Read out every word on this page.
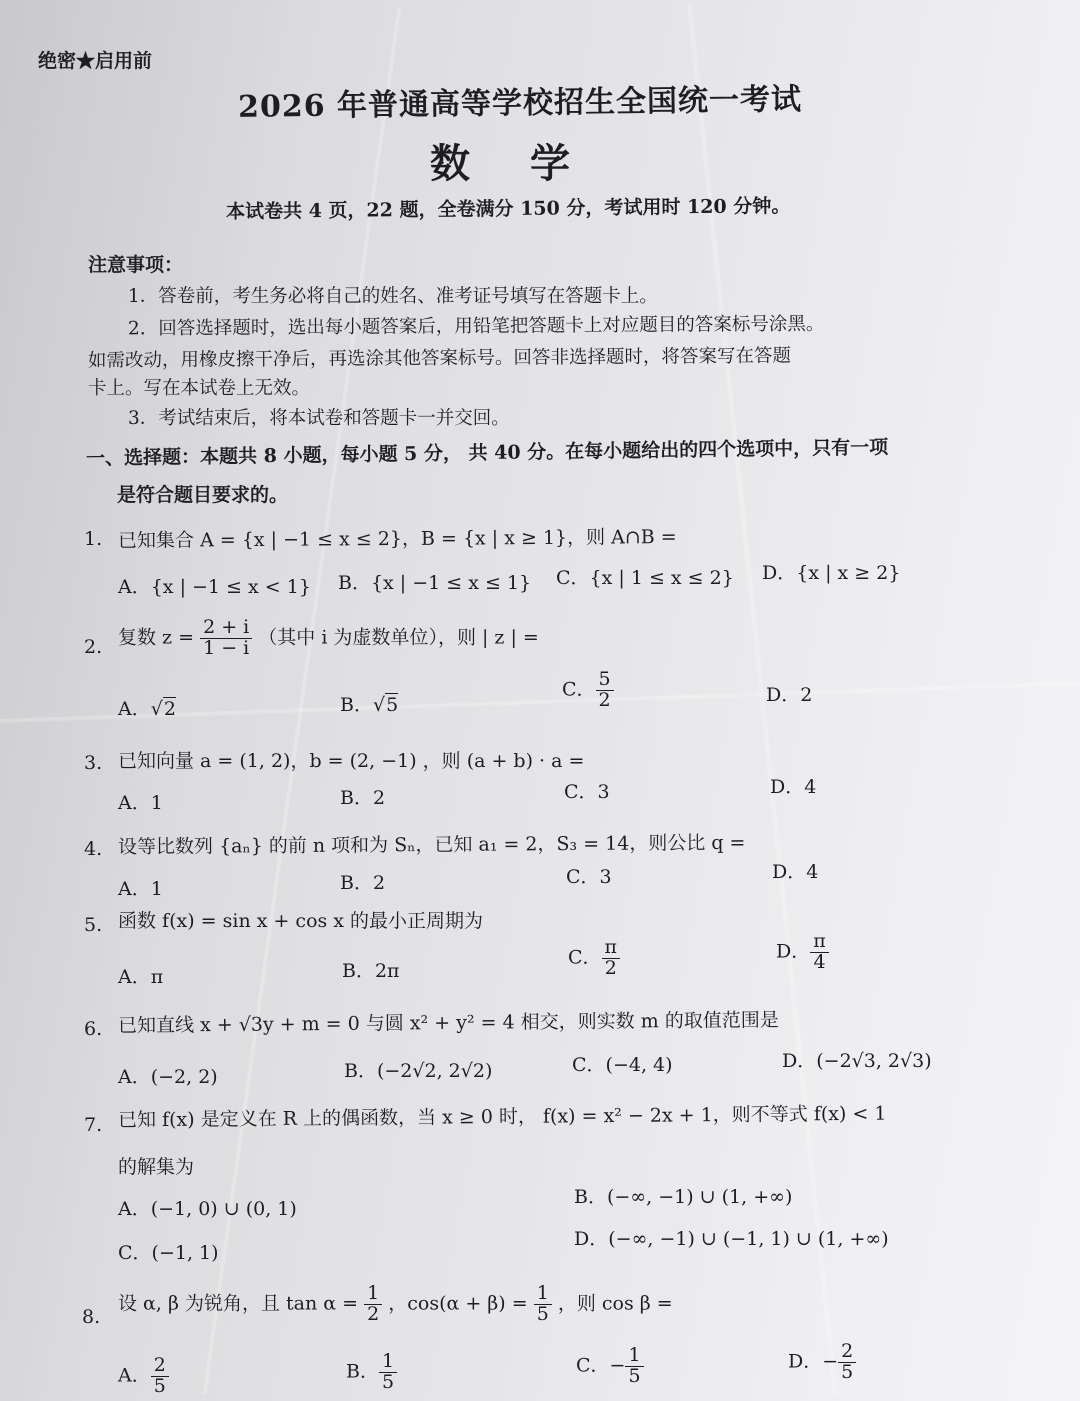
绝密★启用前
2026 年普通高等学校招生全国统一考试
数学
本试卷共 4 页，22 题，全卷满分 150 分，考试用时 120 分钟。
注意事项：
1．答卷前，考生务必将自己的姓名、准考证号填写在答题卡上。
2．回答选择题时，选出每小题答案后，用铅笔把答题卡上对应题目的答案标号涂黑。
如需改动，用橡皮擦干净后，再选涂其他答案标号。回答非选择题时，将答案写在答题
卡上。写在本试卷上无效。
3．考试结束后，将本试卷和答题卡一并交回。
一、选择题：本题共 8 小题，每小题 5 分， 共 40 分。在每小题给出的四个选项中，只有一项
是符合题目要求的。
1. 已知集合 A = {x | −1 ≤ x ≤ 2}，B = {x | x ≥ 1}，则 A∩B =
A．{x | −1 ≤ x < 1} B．{x | −1 ≤ x ≤ 1} C．{x | 1 ≤ x ≤ 2} D．{x | x ≥ 2}
2. 复数 $z = \frac{2 + i}{1 - i}$ （其中 i 为虚数单位），则 | z | =
A．√2	B．√5
C． $\frac{5}{2}$	D．2
3. 已知向量 a = (1, 2)，b = (2, −1) ，则 (a + b) · a =
A．1	B．2	C．3	D．4
4. 设等比数列 {aₙ} 的前 n 项和为 Sₙ，已知 a₁ = 2，S₃ = 14，则公比 q =
A．1	B．2	C．3	D．4
5. 函数 f(x) = sin x + cos x 的最小正周期为
A．π	B．2π
C． $\frac{\pi}{2}$	D． $\frac{\pi}{4}$
6. 已知直线 x + √3y + m = 0 与圆 x² + y² = 4 相交，则实数 m 的取值范围是
A．(−2, 2)	B．(−2√2, 2√2)	C．(−4, 4)	D．(−2√3, 2√3)
7. 已知 f(x) 是定义在 R 上的偶函数，当 x ≥ 0 时， f(x) = x² − 2x + 1，则不等式 f(x) < 1
的解集为
A．(−1, 0) ∪ (0, 1)
B．(−∞, −1) ∪ (1, +∞)
C．(−1, 1)
D．(−∞, −1) ∪ (−1, 1) ∪ (1, +∞)
8.
设 α, β 为锐角，且 $\tan \alpha = \frac{1}{2}$ ，$\cos(\alpha + \beta) = \frac{1}{5}$ ，则 cos β =
A． $\frac{2}{5}$	B． $\frac{1}{5}$	C．− $\frac{1}{5}$	D．− $\frac{2}{5}$
